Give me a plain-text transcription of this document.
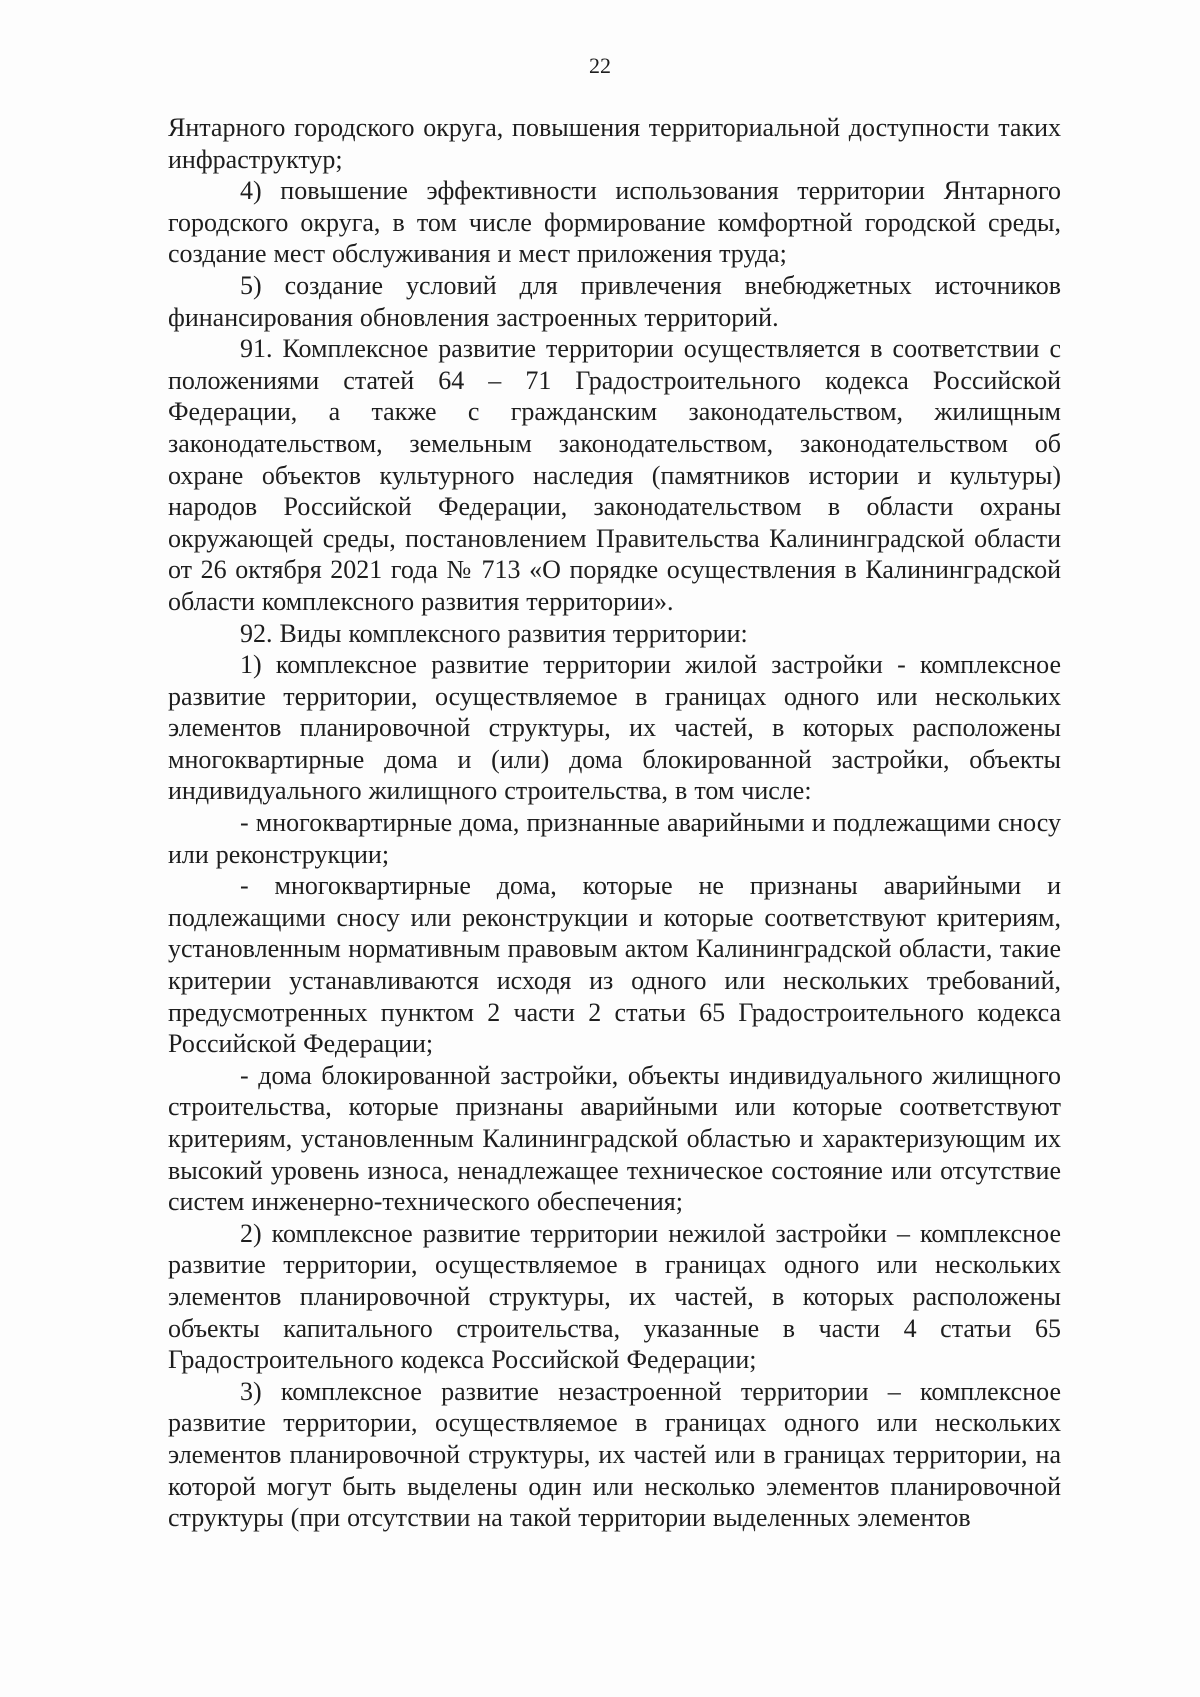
22

Янтарного городского округа, повышения территориальной доступности таких инфраструктур;

4) повышение эффективности использования территории Янтарного городского округа, в том числе формирование комфортной городской среды, создание мест обслуживания и мест приложения труда;

5) создание условий для привлечения внебюджетных источников финансирования обновления застроенных территорий.

91. Комплексное развитие территории осуществляется в соответствии с положениями статей 64 – 71 Градостроительного кодекса Российской Федерации, а также с гражданским законодательством, жилищным законодательством, земельным законодательством, законодательством об охране объектов культурного наследия (памятников истории и культуры) народов Российской Федерации, законодательством в области охраны окружающей среды, постановлением Правительства Калининградской области от 26 октября 2021 года № 713 «О порядке осуществления в Калининградской области комплексного развития территории».

92. Виды комплексного развития территории:

1) комплексное развитие территории жилой застройки - комплексное развитие территории, осуществляемое в границах одного или нескольких элементов планировочной структуры, их частей, в которых расположены многоквартирные дома и (или) дома блокированной застройки, объекты индивидуального жилищного строительства, в том числе:

- многоквартирные дома, признанные аварийными и подлежащими сносу или реконструкции;

- многоквартирные дома, которые не признаны аварийными и подлежащими сносу или реконструкции и которые соответствуют критериям, установленным нормативным правовым актом Калининградской области, такие критерии устанавливаются исходя из одного или нескольких требований, предусмотренных пунктом 2 части 2 статьи 65 Градостроительного кодекса Российской Федерации;

- дома блокированной застройки, объекты индивидуального жилищного строительства, которые признаны аварийными или которые соответствуют критериям, установленным Калининградской областью и характеризующим их высокий уровень износа, ненадлежащее техническое состояние или отсутствие систем инженерно-технического обеспечения;

2) комплексное развитие территории нежилой застройки – комплексное развитие территории, осуществляемое в границах одного или нескольких элементов планировочной структуры, их частей, в которых расположены объекты капитального строительства, указанные в части 4 статьи 65 Градостроительного кодекса Российской Федерации;

3) комплексное развитие незастроенной территории – комплексное развитие территории, осуществляемое в границах одного или нескольких элементов планировочной структуры, их частей или в границах территории, на которой могут быть выделены один или несколько элементов планировочной структуры (при отсутствии на такой территории выделенных элементов
